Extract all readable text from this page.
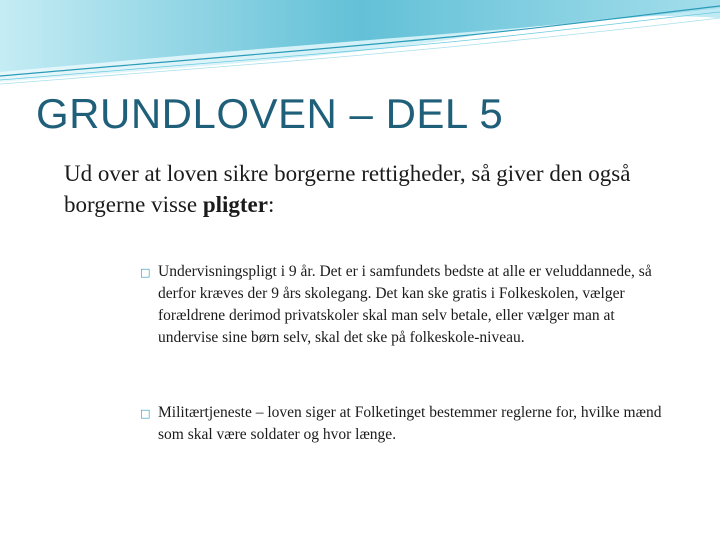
GRUNDLOVEN – DEL 5
Ud over at loven sikre borgerne rettigheder, så giver den også borgerne visse pligter:
□ Undervisningspligt i 9 år. Det er i samfundets bedste at alle er veluddannede, så derfor kræves der 9 års skolegang. Det kan ske gratis i Folkeskolen, vælger forældrene derimod privatskoler skal man selv betale, eller vælger man at undervise sine børn selv, skal det ske på folkeskole-niveau.
□ Militærtjeneste – loven siger at Folketinget bestemmer reglerne for, hvilke mænd som skal være soldater og hvor længe.
